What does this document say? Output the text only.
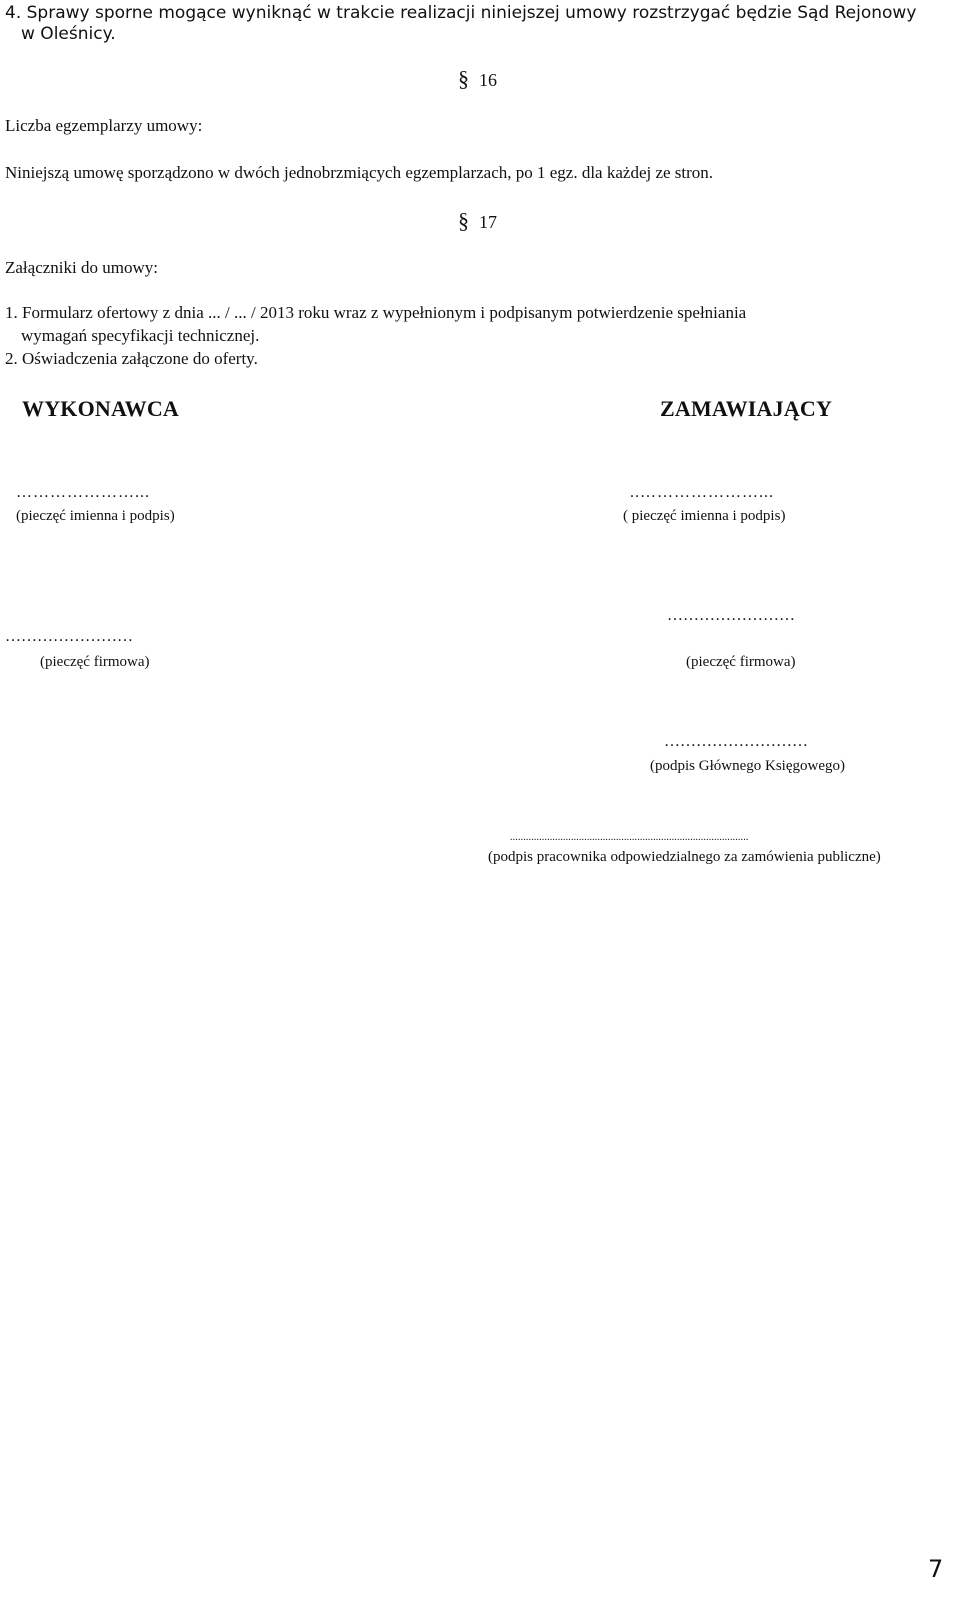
4. Sprawy sporne mogące wyniknąć w trakcie realizacji niniejszej umowy rozstrzygać będzie Sąd Rejonowy
w Oleśnicy.
§ 16
Liczba egzemplarzy umowy:
Niniejszą umowę sporządzono w dwóch jednobrzmiących egzemplarzach, po 1 egz. dla każdej ze stron.
§ 17
Załączniki do umowy:
1. Formularz ofertowy z dnia ... / ... / 2013 roku wraz z wypełnionym i podpisanym potwierdzenie spełniania
wymagań specyfikacji technicznej.
2. Oświadczenia załączone do oferty.
WYKONAWCA	ZAMAWIAJĄCY
…………………...
(pieczęć imienna i podpis)
..…………………...
( pieczęć imienna i podpis)
……………………
(pieczęć firmowa)
……………………
(pieczęć firmowa)
………………………
(podpis Głównego Księgowego)
..........................................................................................
(podpis pracownika odpowiedzialnego za zamówienia publiczne)
7
